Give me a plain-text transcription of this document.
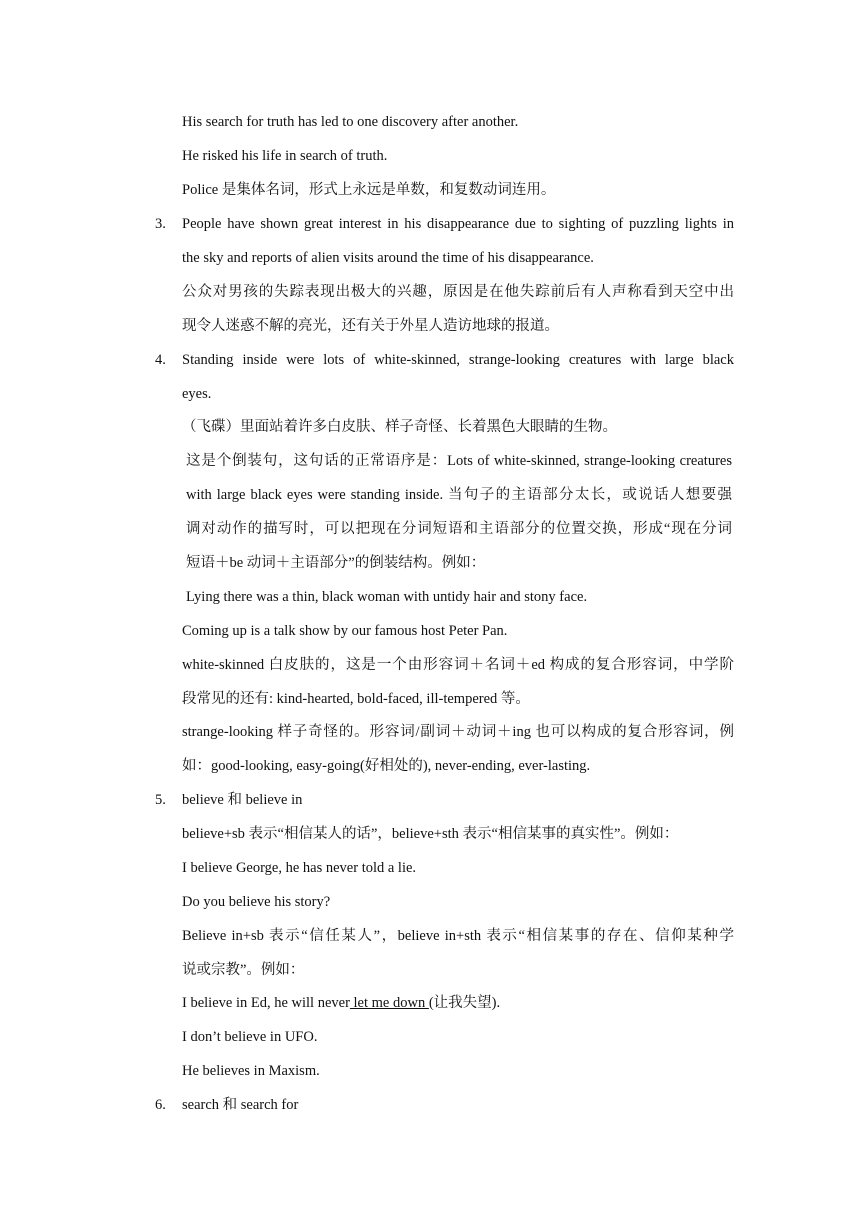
His search for truth has led to one discovery after another.
He risked his life in search of truth.
Police 是集体名词，形式上永远是单数，和复数动词连用。
3. People have shown great interest in his disappearance due to sighting of puzzling lights in
the sky and reports of alien visits around the time of his disappearance.
公众对男孩的失踪表现出极大的兴趣，原因是在他失踪前后有人声称看到天空中出
现令人迷惑不解的亮光，还有关于外星人造访地球的报道。
4. Standing inside were lots of white-skinned, strange-looking creatures with large black
eyes.
（飞碟）里面站着许多白皮肤、样子奇怪、长着黑色大眼睛的生物。
这是个倒装句，这句话的正常语序是：Lots of white-skinned, strange-looking creatures
with large black eyes were standing inside. 当句子的主语部分太长，或说话人想要强
调对动作的描写时，可以把现在分词短语和主语部分的位置交换，形成“现在分词
短语＋be 动词＋主语部分”的倒装结构。例如：
Lying there was a thin, black woman with untidy hair and stony face.
Coming up is a talk show by our famous host Peter Pan.
white-skinned 白皮肤的，这是一个由形容词＋名词＋ed 构成的复合形容词，中学阶
段常见的还有: kind-hearted, bold-faced, ill-tempered 等。
strange-looking 样子奇怪的。形容词/副词＋动词＋ing 也可以构成的复合形容词，例
如：good-looking, easy-going(好相处的), never-ending, ever-lasting.
5. believe 和 believe in
believe+sb 表示“相信某人的话”，believe+sth 表示“相信某事的真实性”。例如：
I believe George, he has never told a lie.
Do you believe his story?
Believe in+sb 表示“信任某人”，believe in+sth 表示“相信某事的存在、信仰某种学
说或宗教”。例如：
I believe in Ed, he will never let me down (让我失望).
I don’t believe in UFO.
He believes in Maxism.
6. search 和 search for
